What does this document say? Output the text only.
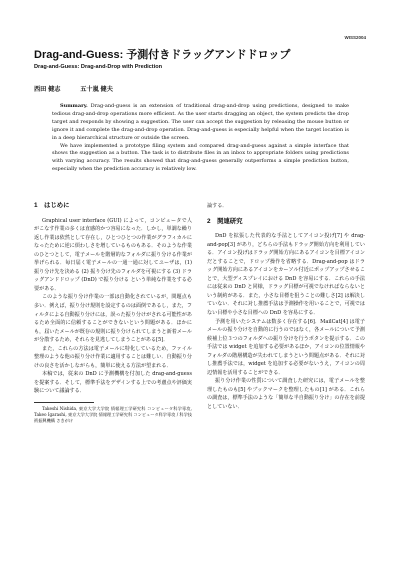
WISS2004
Drag-and-Guess: 予測付きドラッグアンドドロップ
Drag-and-Guess: Drag-and-Drop with Prediction
西田 健志	五十嵐 健夫

Summary. Drag-and-guess is an extension of traditional drag-and-drop using predictions, designed to make tedious drag-and-drop operations more efficient. As the user starts dragging an object, the system predicts the drop target and responds by showing a suggestion. The user can accept the suggestion by releasing the mouse button or ignore it and complete the drag-and-drop operation. Drag-and-guess is especially helpful when the target location is in a deep hierarchical structure or outside the screen.

We have implemented a prototype filing system and compared drag-and-guess against a simple interface that shows the suggestion as a button. The task is to distribute files in an inbox to appropriate folders using predictions with varying accuracy. The results showed that drag-and-guess generally outperforms a simple prediction button, especially when the prediction accuracy is relatively low.

1　はじめに

Graphical user interface (GUI) によって，コンピュータで人がこなす作業の多くは直感的かつ容易になった．しかし，単調な繰り返し作業は依然として存在し，ひとつひとつの作業がグラフィカルになったために逆に煩わしさを増しているものもある．そのような作業のひとつとして，電子メールを階層的なフォルダに振り分ける作業が挙げられる．毎日届く電子メールの一通一通に対してユーザは，(1) 振り分け先を決める (2) 振り分け先のフォルダを可視にする (3) ドラッグアンドドロップ (DnD) で振り分ける という単純な作業をする必要がある．

このような振り分け作業の一部は自動化されているが，問題点も多い．例えば，振り分け規則を設定するのは面倒であるし，また，フィルタによる自動振り分けには，誤った振り分けがされる可能性があるため全面的に信頼することができないという問題がある．ほかにも，届いたメールが既存の規則に振り分けられてしまうと新着メールが分散するため，それらを見逃してしまうことがある[5]．

また，これらの方法は電子メールに特化しているため，ファイル整理のような他の振り分け作業に適用することは難しい．自動振り分けの良さを活かしながらも，簡単に使える方法が望まれる．

本稿では，従来の DnD に予測機構を付加した drag-and-guess を提案する．そして，標準手法をデザインする上での考慮点や評価実験について議論する．

Takeshi Nishida, 東京大学大学院 情報理工学研究科 コンピュータ科学専攻, Takeo Igarashi, 東京大学大学院 情報理工学研究科 コンピュータ科学専攻 / 科学技術振興機構 さきがけ

論する．

2　関連研究

DnD を拡張した代表的な手法としてアイコン投げ[7] や drag-and-pop[3] があり，どちらの手法もドラッグ開始方向を利用している．アイコン投げはドラッグ開始方向にあるアイコンを目標アイコンだとすることで，ドロップ操作を省略する．Drag-and-pop はドラッグ開始方向にあるアイコンをカーソル付近にポップアップさせることで，大型ディスプレイにおける DnD を容易にする．これらの手法には従来の DnD と同様，ドラッグ目標が可視でなければならないという制約がある．また，小さな目標を狙うことの難しさ[2] は解決していない．それに対し推薦手法は予測操作を用いることで，可視ではない目標や小さな目標への DnD を容易にする．

予測を用いたシステムは数多く存在する[6]．MailCat[4] は電子メールの振り分けを自動的に行うのではなく，各メールについて予測候補上位３つのフォルダへの振り分けを行うボタンを提示する．この手法では widget を追加する必要があるほか，アイコンの位置情報やフォルダの階層構造が失われてしまうという問題点がある．それに対し推薦手法では，widget を追加する必要がないうえ，アイコンの周辺情報を活用することができる．

振り分け作業の性質について調査した研究には，電子メールを整理したものも[5] やブックマークを整理したもの[1] がある．これらの調査は，標準手法のような「簡単な半自動振り分け」の存在を前提としていない．
